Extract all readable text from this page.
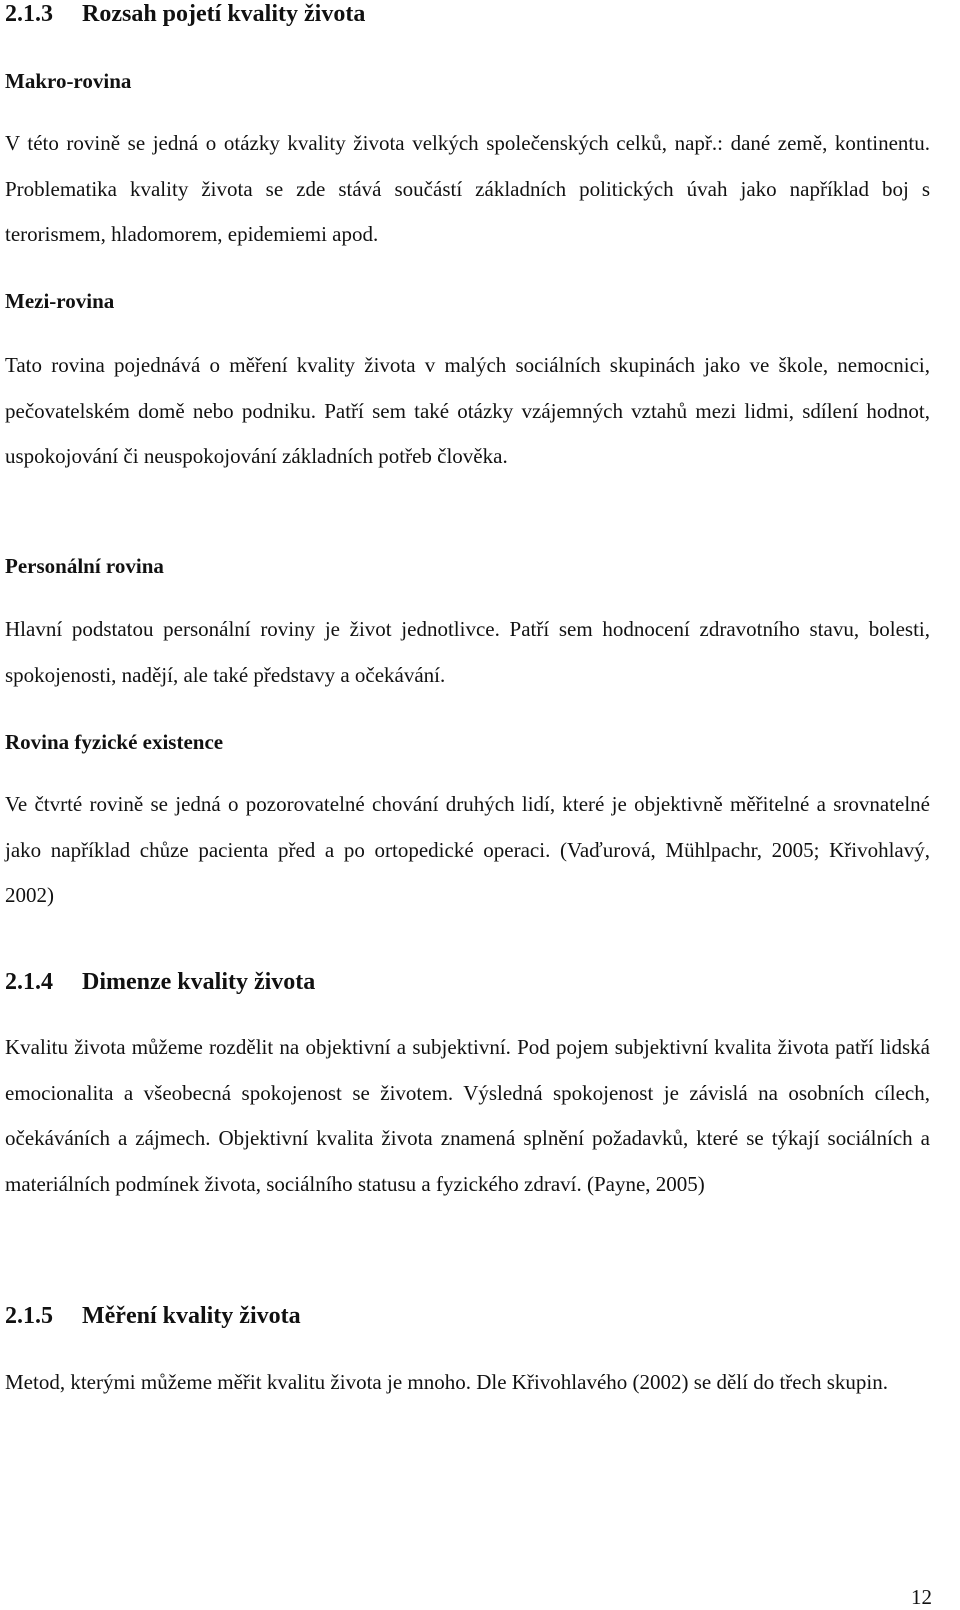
2.1.3 Rozsah pojetí kvality života
Makro-rovina

V této rovině se jedná o otázky kvality života velkých společenských celků, např.: dané země, kontinentu. Problematika kvality života se zde stává součástí základních politických úvah jako například boj s terorismem, hladomorem, epidemiemi apod.

Mezi-rovina

Tato rovina pojednává o měření kvality života v malých sociálních skupinách jako ve škole, nemocnici, pečovatelském domě nebo podniku. Patří sem také otázky vzájemných vztahů mezi lidmi, sdílení hodnot, uspokojování či neuspokojování základních potřeb člověka.

Personální rovina

Hlavní podstatou personální roviny je život jednotlivce. Patří sem hodnocení zdravotního stavu, bolesti, spokojenosti, nadějí, ale také představy a očekávání.

Rovina fyzické existence

Ve čtvrté rovině se jedná o pozorovatelné chování druhých lidí, které je objektivně měřitelné a srovnatelné jako například chůze pacienta před a po ortopedické operaci. (Vaďurová, Mühlpachr, 2005; Křivohlavý, 2002)

2.1.4 Dimenze kvality života

Kvalitu života můžeme rozdělit na objektivní a subjektivní. Pod pojem subjektivní kvalita života patří lidská emocionalita a všeobecná spokojenost se životem. Výsledná spokojenost je závislá na osobních cílech, očekáváních a zájmech. Objektivní kvalita života znamená splnění požadavků, které se týkají sociálních a materiálních podmínek života, sociálního statusu a fyzického zdraví. (Payne, 2005)

2.1.5 Měření kvality života

Metod, kterými můžeme měřit kvalitu života je mnoho. Dle Křivohlavého (2002) se dělí do třech skupin.

12
